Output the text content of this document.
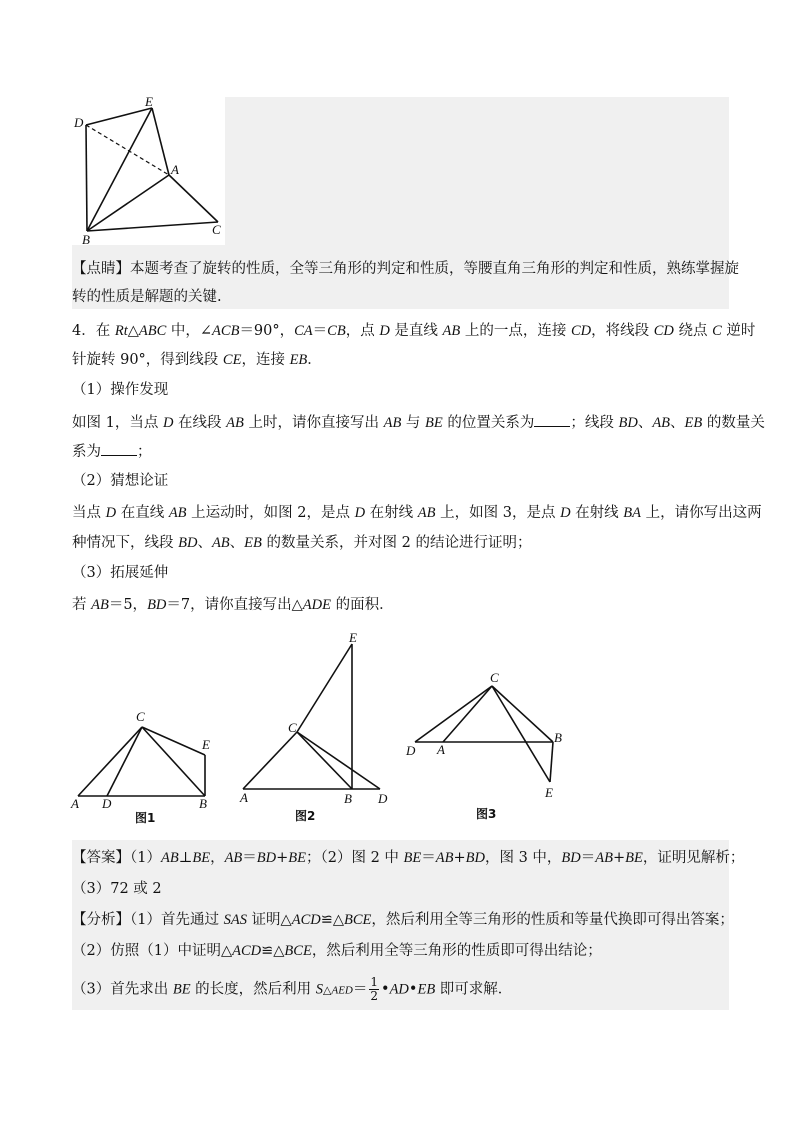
D
E
A
B
C
【点睛】本题考查了旋转的性质，全等三角形的判定和性质，等腰直角三角形的判定和性质，熟练掌握旋
转的性质是解题的关键.
4．在 Rt△ABC 中，∠ACB＝90°，CA＝CB，点 D 是直线 AB 上的一点，连接 CD，将线段 CD 绕点 C 逆时
针旋转 90°，得到线段 CE，连接 EB．
（1）操作发现
如图 1，当点 D 在线段 AB 上时，请你直接写出 AB 与 BE 的位置关系为 ；线段 BD、AB、EB 的数量关
系为 ；
（2）猜想论证
当点 D 在直线 AB 上运动时，如图 2，是点 D 在射线 AB 上，如图 3，是点 D 在射线 BA 上，请你写出这两
种情况下，线段 BD、AB、EB 的数量关系，并对图 2 的结论进行证明；
（3）拓展延伸
若 AB＝5，BD＝7，请你直接写出△ADE 的面积．
C
E
A D	B
图1
E
C
A	B D
图2
C
D A
B
E
图3
【答案】（1）AB⊥BE，AB＝BD+BE；（2）图 2 中 BE＝AB+BD，图 3 中，BD＝AB+BE，证明见解析；
（3）72 或 2
【分析】（1）首先通过 SAS 证明△ACD≌△BCE，然后利用全等三角形的性质和等量代换即可得出答案；
（2）仿照（1）中证明△ACD≌△BCE，然后利用全等三角形的性质即可得出结论；
（3）首先求出 BE 的长度，然后利用 S△AED＝ $\frac{1}{2}$ •AD•EB 即可求解．
